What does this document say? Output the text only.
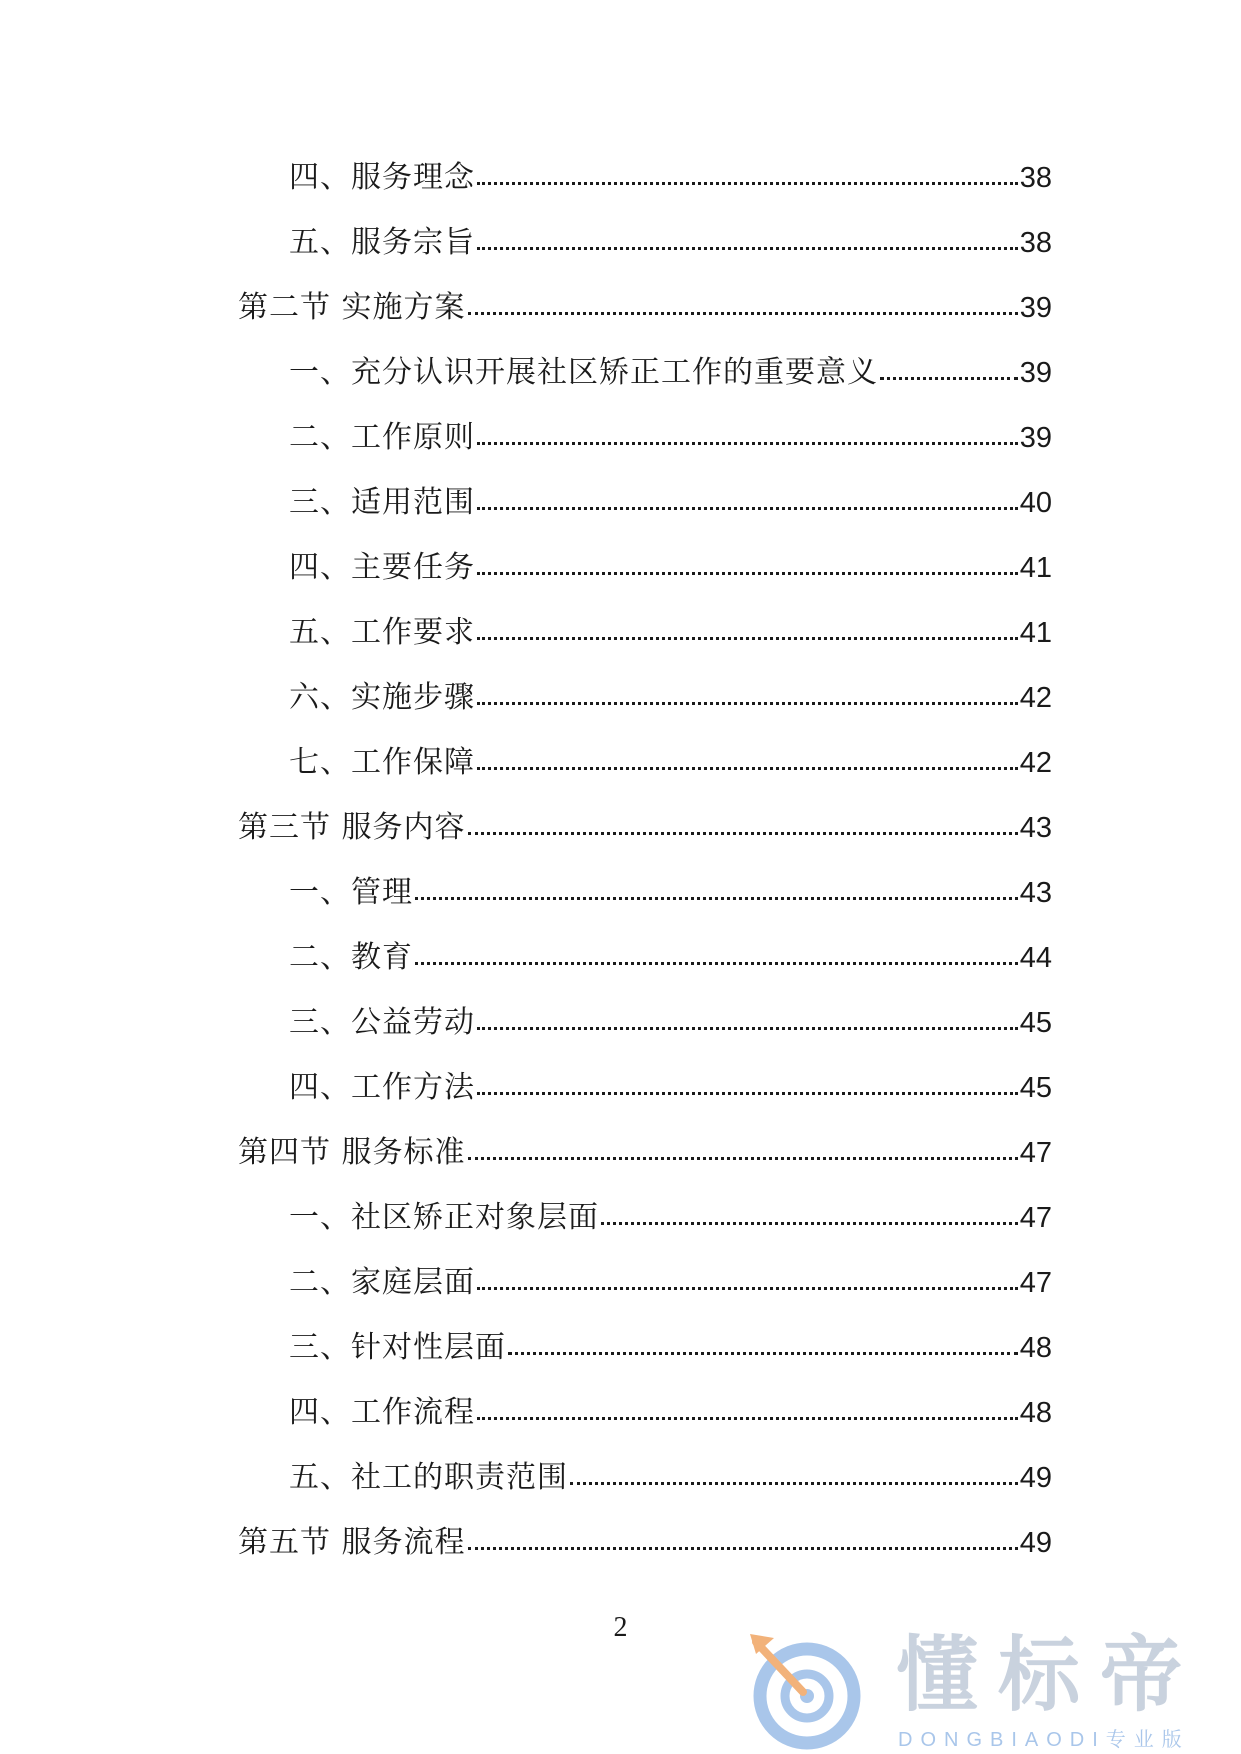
四、服务理念	38
五、服务宗旨	38
第二节 实施方案	39
一、充分认识开展社区矫正工作的重要意义	39
二、工作原则	39
三、适用范围	40
四、主要任务	41
五、工作要求	41
六、实施步骤	42
七、工作保障	42
第三节 服务内容	43
一、管理	43
二、教育	44
三、公益劳动	45
四、工作方法	45
第四节 服务标准	47
一、社区矫正对象层面	47
二、家庭层面	47
三、针对性层面	48
四、工作流程	48
五、社工的职责范围	49
第五节 服务流程	49
2
懂标帝
DONGBIAODI专业版
